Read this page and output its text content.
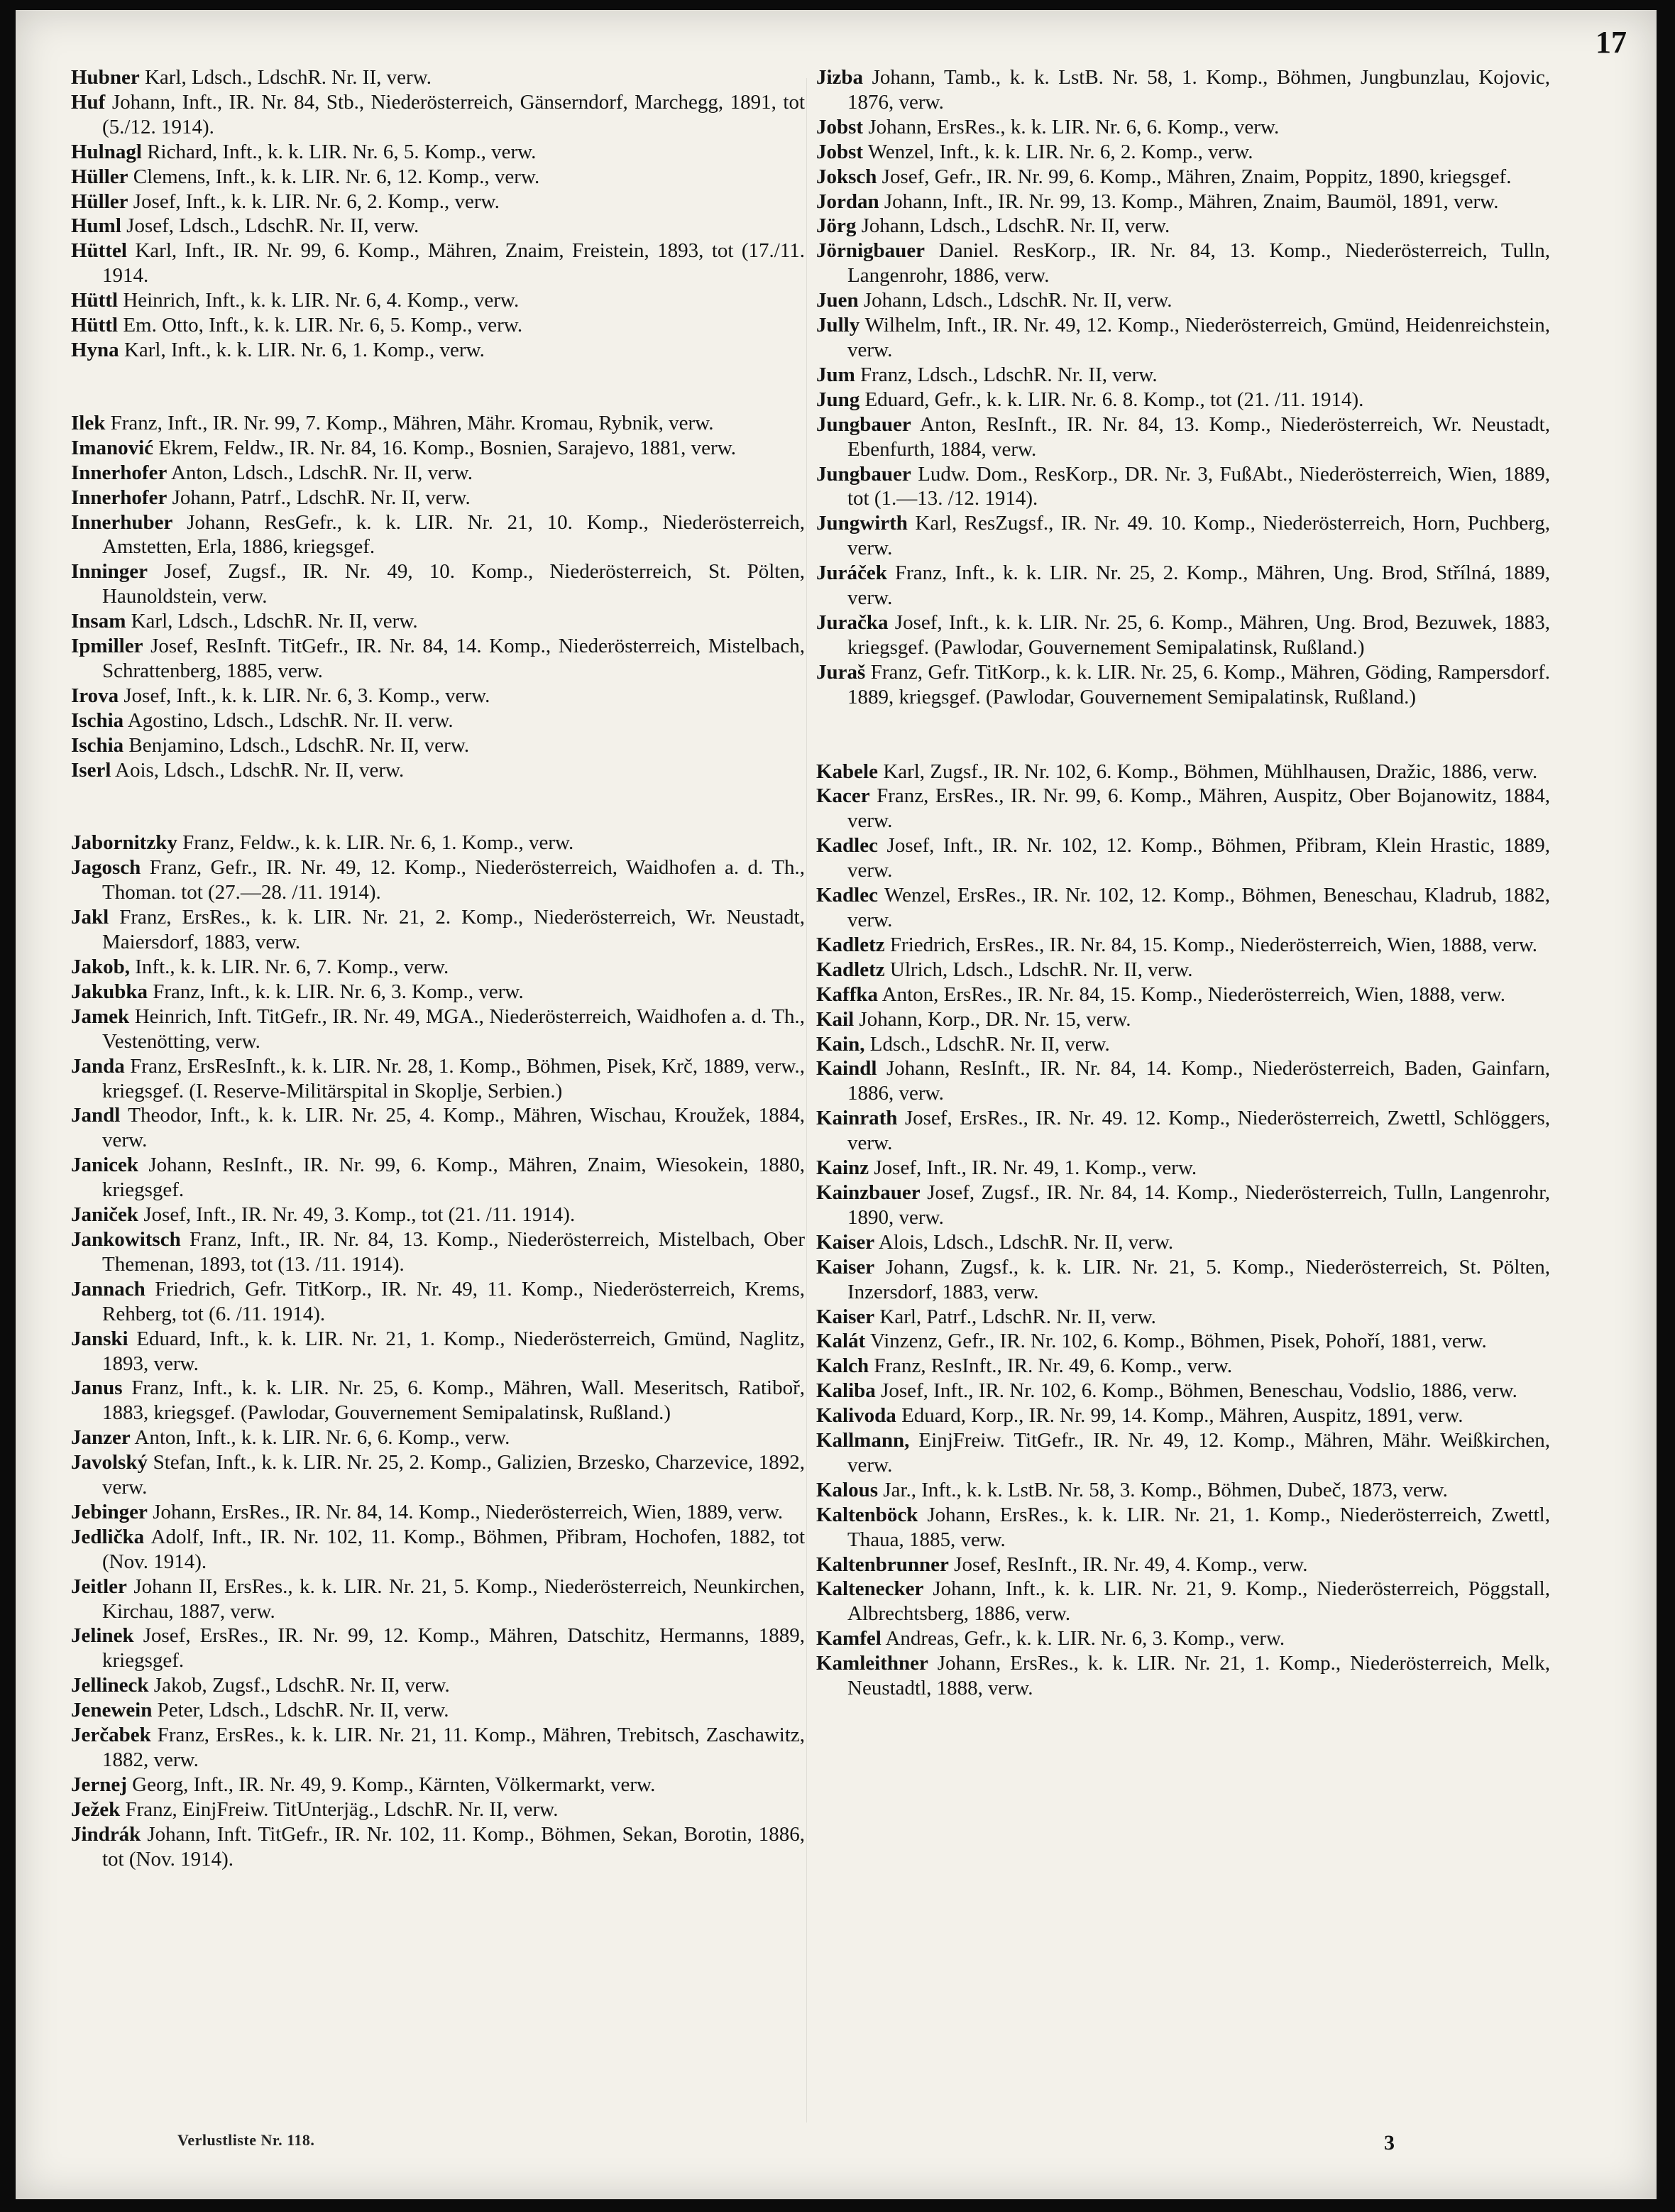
17

Hubner Karl, Ldsch., LdschR. Nr. II, verw.

Huf Johann, Inft., IR. Nr. 84, Stb., Niederösterreich, Gänserndorf, Marchegg, 1891, tot (5./12. 1914).

Hulnagl Richard, Inft., k. k. LIR. Nr. 6, 5. Komp., verw.

Hüller Clemens, Inft., k. k. LIR. Nr. 6, 12. Komp., verw.

Hüller Josef, Inft., k. k. LIR. Nr. 6, 2. Komp., verw.

Huml Josef, Ldsch., LdschR. Nr. II, verw.

Hüttel Karl, Inft., IR. Nr. 99, 6. Komp., Mähren, Znaim, Freistein, 1893, tot (17./11. 1914.

Hüttl Heinrich, Inft., k. k. LIR. Nr. 6, 4. Komp., verw.

Hüttl Em. Otto, Inft., k. k. LIR. Nr. 6, 5. Komp., verw.

Hyna Karl, Inft., k. k. LIR. Nr. 6, 1. Komp., verw.

Ilek Franz, Inft., IR. Nr. 99, 7. Komp., Mähren, Mähr. Kromau, Rybnik, verw.

Imanović Ekrem, Feldw., IR. Nr. 84, 16. Komp., Bosnien, Sarajevo, 1881, verw.

Innerhofer Anton, Ldsch., LdschR. Nr. II, verw.

Innerhofer Johann, Patrf., LdschR. Nr. II, verw.

Innerhuber Johann, ResGefr., k. k. LIR. Nr. 21, 10. Komp., Niederösterreich, Amstetten, Erla, 1886, kriegsgef.

Inninger Josef, Zugsf., IR. Nr. 49, 10. Komp., Niederösterreich, St. Pölten, Haunoldstein, verw.

Insam Karl, Ldsch., LdschR. Nr. II, verw.

Ipmiller Josef, ResInft. TitGefr., IR. Nr. 84, 14. Komp., Niederösterreich, Mistelbach, Schrattenberg, 1885, verw.

Irova Josef, Inft., k. k. LIR. Nr. 6, 3. Komp., verw.

Ischia Agostino, Ldsch., LdschR. Nr. II. verw.

Ischia Benjamino, Ldsch., LdschR. Nr. II, verw.

Iserl Aois, Ldsch., LdschR. Nr. II, verw.

Jabornitzky Franz, Feldw., k. k. LIR. Nr. 6, 1. Komp., verw.

Jagosch Franz, Gefr., IR. Nr. 49, 12. Komp., Niederösterreich, Waidhofen a. d. Th., Thoman. tot (27.—28. /11. 1914).

Jakl Franz, ErsRes., k. k. LIR. Nr. 21, 2. Komp., Niederösterreich, Wr. Neustadt, Maiersdorf, 1883, verw.

Jakob, Inft., k. k. LIR. Nr. 6, 7. Komp., verw.

Jakubka Franz, Inft., k. k. LIR. Nr. 6, 3. Komp., verw.

Jamek Heinrich, Inft. TitGefr., IR. Nr. 49, MGA., Niederösterreich, Waidhofen a. d. Th., Vestenötting, verw.

Janda Franz, ErsResInft., k. k. LIR. Nr. 28, 1. Komp., Böhmen, Pisek, Krč, 1889, verw., kriegsgef. (I. Reserve-Militärspital in Skoplje, Serbien.)

Jandl Theodor, Inft., k. k. LIR. Nr. 25, 4. Komp., Mähren, Wischau, Kroužek, 1884, verw.

Janicek Johann, ResInft., IR. Nr. 99, 6. Komp., Mähren, Znaim, Wiesokein, 1880, kriegsgef.

Janiček Josef, Inft., IR. Nr. 49, 3. Komp., tot (21. /11. 1914).

Jankowitsch Franz, Inft., IR. Nr. 84, 13. Komp., Niederösterreich, Mistelbach, Ober Themenan, 1893, tot (13. /11. 1914).

Jannach Friedrich, Gefr. TitKorp., IR. Nr. 49, 11. Komp., Niederösterreich, Krems, Rehberg, tot (6. /11. 1914).

Janski Eduard, Inft., k. k. LIR. Nr. 21, 1. Komp., Niederösterreich, Gmünd, Naglitz, 1893, verw.

Janus Franz, Inft., k. k. LIR. Nr. 25, 6. Komp., Mähren, Wall. Meseritsch, Ratiboř, 1883, kriegsgef. (Pawlodar, Gouvernement Semipalatinsk, Rußland.)

Janzer Anton, Inft., k. k. LIR. Nr. 6, 6. Komp., verw.

Javolský Stefan, Inft., k. k. LIR. Nr. 25, 2. Komp., Galizien, Brzesko, Charzevice, 1892, verw.

Jebinger Johann, ErsRes., IR. Nr. 84, 14. Komp., Niederösterreich, Wien, 1889, verw.

Jedlička Adolf, Inft., IR. Nr. 102, 11. Komp., Böhmen, Přibram, Hochofen, 1882, tot (Nov. 1914).

Jeitler Johann II, ErsRes., k. k. LIR. Nr. 21, 5. Komp., Niederösterreich, Neunkirchen, Kirchau, 1887, verw.

Jelinek Josef, ErsRes., IR. Nr. 99, 12. Komp., Mähren, Datschitz, Hermanns, 1889, kriegsgef.

Jellineck Jakob, Zugsf., LdschR. Nr. II, verw.

Jenewein Peter, Ldsch., LdschR. Nr. II, verw.

Jerčabek Franz, ErsRes., k. k. LIR. Nr. 21, 11. Komp., Mähren, Trebitsch, Zaschawitz, 1882, verw.

Jernej Georg, Inft., IR. Nr. 49, 9. Komp., Kärnten, Völkermarkt, verw.

Ježek Franz, EinjFreiw. TitUnterjäg., LdschR. Nr. II, verw.

Jindrák Johann, Inft. TitGefr., IR. Nr. 102, 11. Komp., Böhmen, Sekan, Borotin, 1886, tot (Nov. 1914).

Jizba Johann, Tamb., k. k. LstB. Nr. 58, 1. Komp., Böhmen, Jungbunzlau, Kojovic, 1876, verw.

Jobst Johann, ErsRes., k. k. LIR. Nr. 6, 6. Komp., verw.

Jobst Wenzel, Inft., k. k. LIR. Nr. 6, 2. Komp., verw.

Joksch Josef, Gefr., IR. Nr. 99, 6. Komp., Mähren, Znaim, Poppitz, 1890, kriegsgef.

Jordan Johann, Inft., IR. Nr. 99, 13. Komp., Mähren, Znaim, Baumöl, 1891, verw.

Jörg Johann, Ldsch., LdschR. Nr. II, verw.

Jörnigbauer Daniel. ResKorp., IR. Nr. 84, 13. Komp., Niederösterreich, Tulln, Langenrohr, 1886, verw.

Juen Johann, Ldsch., LdschR. Nr. II, verw.

Jully Wilhelm, Inft., IR. Nr. 49, 12. Komp., Niederösterreich, Gmünd, Heidenreichstein, verw.

Jum Franz, Ldsch., LdschR. Nr. II, verw.

Jung Eduard, Gefr., k. k. LIR. Nr. 6. 8. Komp., tot (21. /11. 1914).

Jungbauer Anton, ResInft., IR. Nr. 84, 13. Komp., Niederösterreich, Wr. Neustadt, Ebenfurth, 1884, verw.

Jungbauer Ludw. Dom., ResKorp., DR. Nr. 3, FußAbt., Niederösterreich, Wien, 1889, tot (1.—13. /12. 1914).

Jungwirth Karl, ResZugsf., IR. Nr. 49. 10. Komp., Niederösterreich, Horn, Puchberg, verw.

Juráček Franz, Inft., k. k. LIR. Nr. 25, 2. Komp., Mähren, Ung. Brod, Střílná, 1889, verw.

Juračka Josef, Inft., k. k. LIR. Nr. 25, 6. Komp., Mähren, Ung. Brod, Bezuwek, 1883, kriegsgef. (Pawlodar, Gouvernement Semipalatinsk, Rußland.)

Juraš Franz, Gefr. TitKorp., k. k. LIR. Nr. 25, 6. Komp., Mähren, Göding, Rampersdorf. 1889, kriegsgef. (Pawlodar, Gouvernement Semipalatinsk, Rußland.)

Kabele Karl, Zugsf., IR. Nr. 102, 6. Komp., Böhmen, Mühlhausen, Dražic, 1886, verw.

Kacer Franz, ErsRes., IR. Nr. 99, 6. Komp., Mähren, Auspitz, Ober Bojanowitz, 1884, verw.

Kadlec Josef, Inft., IR. Nr. 102, 12. Komp., Böhmen, Přibram, Klein Hrastic, 1889, verw.

Kadlec Wenzel, ErsRes., IR. Nr. 102, 12. Komp., Böhmen, Beneschau, Kladrub, 1882, verw.

Kadletz Friedrich, ErsRes., IR. Nr. 84, 15. Komp., Niederösterreich, Wien, 1888, verw.

Kadletz Ulrich, Ldsch., LdschR. Nr. II, verw.

Kaffka Anton, ErsRes., IR. Nr. 84, 15. Komp., Niederösterreich, Wien, 1888, verw.

Kail Johann, Korp., DR. Nr. 15, verw.

Kain, Ldsch., LdschR. Nr. II, verw.

Kaindl Johann, ResInft., IR. Nr. 84, 14. Komp., Niederösterreich, Baden, Gainfarn, 1886, verw.

Kainrath Josef, ErsRes., IR. Nr. 49. 12. Komp., Niederösterreich, Zwettl, Schlöggers, verw.

Kainz Josef, Inft., IR. Nr. 49, 1. Komp., verw.

Kainzbauer Josef, Zugsf., IR. Nr. 84, 14. Komp., Niederösterreich, Tulln, Langenrohr, 1890, verw.

Kaiser Alois, Ldsch., LdschR. Nr. II, verw.

Kaiser Johann, Zugsf., k. k. LIR. Nr. 21, 5. Komp., Niederösterreich, St. Pölten, Inzersdorf, 1883, verw.

Kaiser Karl, Patrf., LdschR. Nr. II, verw.

Kalát Vinzenz, Gefr., IR. Nr. 102, 6. Komp., Böhmen, Pisek, Pohoří, 1881, verw.

Kalch Franz, ResInft., IR. Nr. 49, 6. Komp., verw.

Kaliba Josef, Inft., IR. Nr. 102, 6. Komp., Böhmen, Beneschau, Vodslio, 1886, verw.

Kalivoda Eduard, Korp., IR. Nr. 99, 14. Komp., Mähren, Auspitz, 1891, verw.

Kallmann, EinjFreiw. TitGefr., IR. Nr. 49, 12. Komp., Mähren, Mähr. Weißkirchen, verw.

Kalous Jar., Inft., k. k. LstB. Nr. 58, 3. Komp., Böhmen, Dubeč, 1873, verw.

Kaltenböck Johann, ErsRes., k. k. LIR. Nr. 21, 1. Komp., Niederösterreich, Zwettl, Thaua, 1885, verw.

Kaltenbrunner Josef, ResInft., IR. Nr. 49, 4. Komp., verw.

Kaltenecker Johann, Inft., k. k. LIR. Nr. 21, 9. Komp., Niederösterreich, Pöggstall, Albrechtsberg, 1886, verw.

Kamfel Andreas, Gefr., k. k. LIR. Nr. 6, 3. Komp., verw.

Kamleithner Johann, ErsRes., k. k. LIR. Nr. 21, 1. Komp., Niederösterreich, Melk, Neustadtl, 1888, verw.

Verlustliste Nr. 118.	3
